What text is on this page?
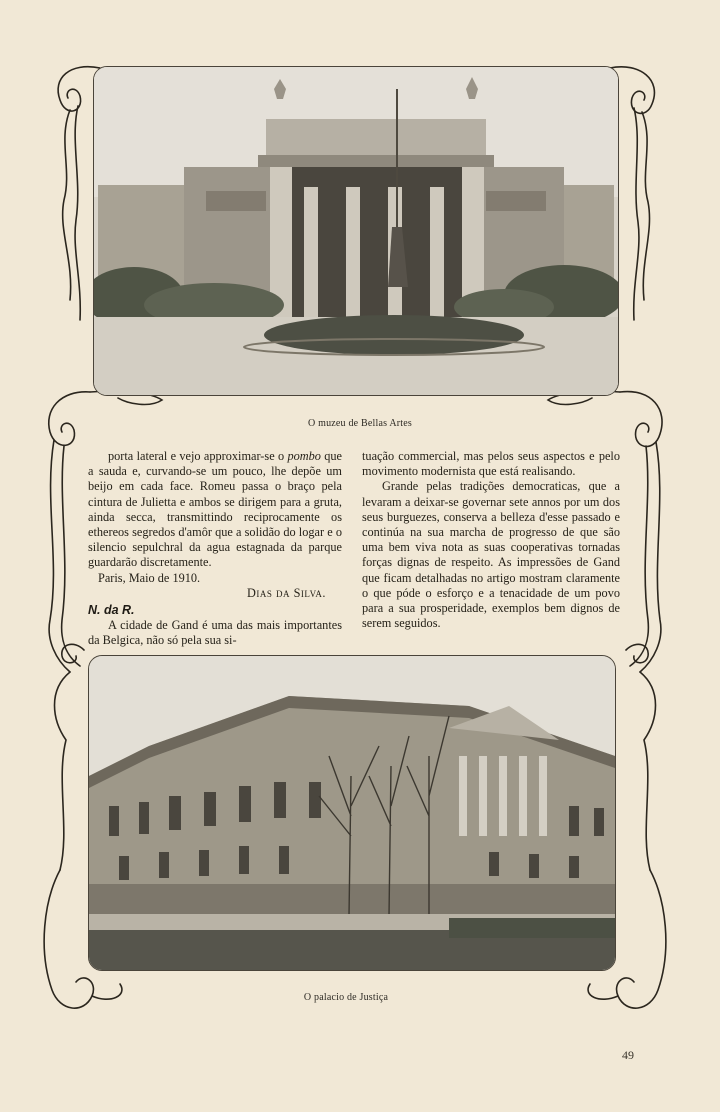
O muzeu de Bellas Artes

porta lateral e vejo approximar-se o pombo que a sauda e, curvando-se um pouco, lhe depõe um beijo em cada face. Romeu passa o braço pela cintura de Julietta e ambos se dirigem para a gruta, ainda secca, transmittindo reciprocamente os ethereos segredos d'amôr que a solidão do logar e o silencio sepulchral da agua estagnada da parque guardarão discretamente.

Paris, Maio de 1910.

Dias da Silva.

N. da R.

A cidade de Gand é uma das mais importantes da Belgica, não só pela sua si-

tuação commercial, mas pelos seus aspectos e pelo movimento modernista que está realisando.

Grande pelas tradições democraticas, que a levaram a deixar-se governar sete annos por um dos seus burguezes, conserva a belleza d'esse passado e continúa na sua marcha de progresso de que são uma bem viva nota as suas cooperativas tornadas forças dignas de respeito. As impressões de Gand que ficam detalhadas no artigo mostram claramente o que póde o esforço e a tenacidade de um povo para a sua prosperidade, exemplos bem dignos de serem seguidos.

O palacio de Justiça
49
